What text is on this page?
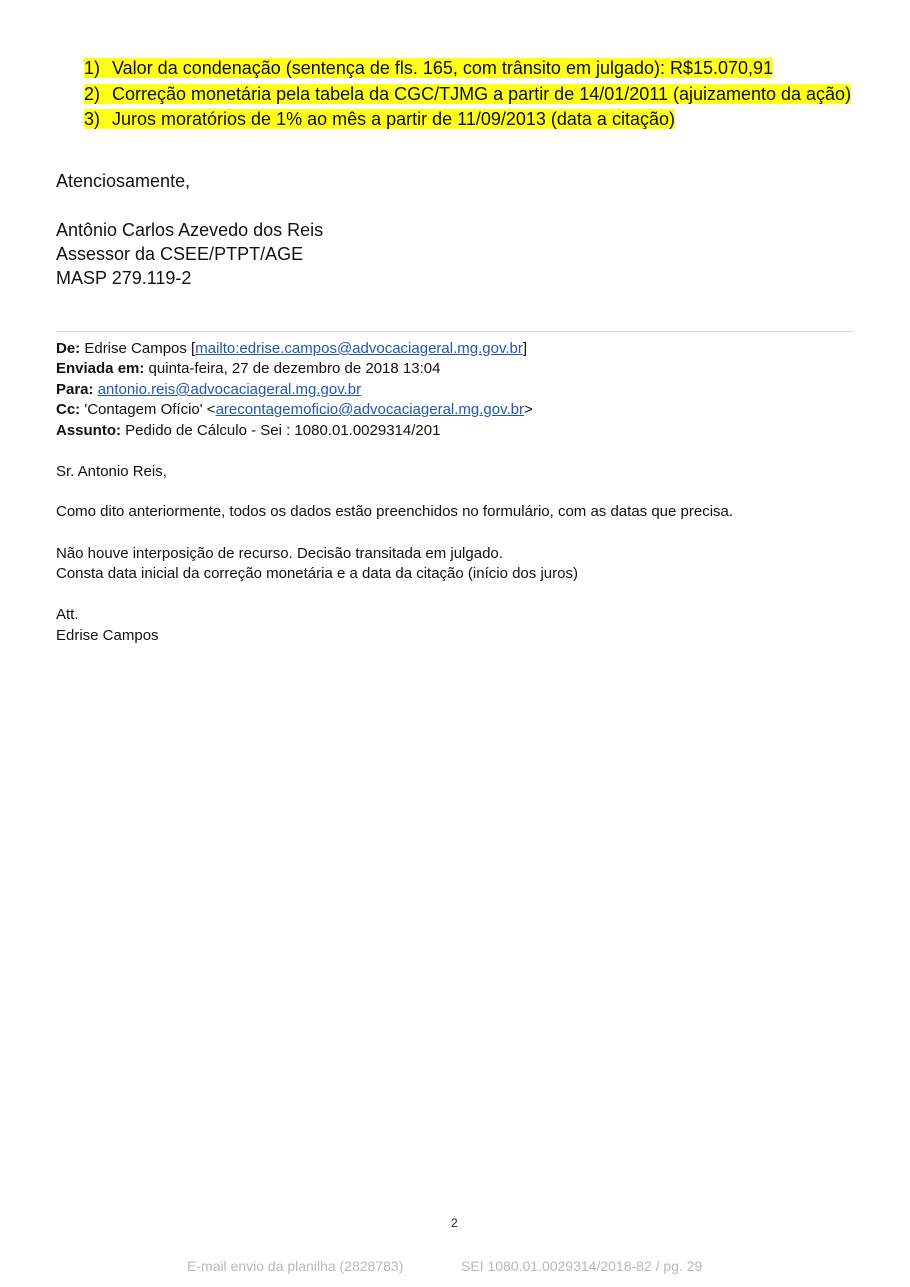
1) Valor da condenação (sentença de fls. 165, com trânsito em julgado): R$15.070,91
2) Correção monetária pela tabela da CGC/TJMG a partir de 14/01/2011 (ajuizamento da ação)
3) Juros moratórios de 1% ao mês a partir de 11/09/2013 (data a citação)
Atenciosamente,
Antônio Carlos Azevedo dos Reis
Assessor da CSEE/PTPT/AGE
MASP 279.119-2
De: Edrise Campos [mailto:edrise.campos@advocaciageral.mg.gov.br]
Enviada em: quinta-feira, 27 de dezembro de 2018 13:04
Para: antonio.reis@advocaciageral.mg.gov.br
Cc: 'Contagem Ofício' <arecontagemoficio@advocaciageral.mg.gov.br>
Assunto: Pedido de Cálculo - Sei : 1080.01.0029314/201
Sr. Antonio Reis,
Como dito anteriormente, todos os dados estão preenchidos no formulário, com as datas que precisa.
Não houve interposição de recurso. Decisão transitada em julgado.
Consta data inicial da correção monetária e a data da citação (início dos juros)
Att.
Edrise Campos
2
E-mail envio da planilha (2828783)	SEI 1080.01.0029314/2018-82 / pg. 29
